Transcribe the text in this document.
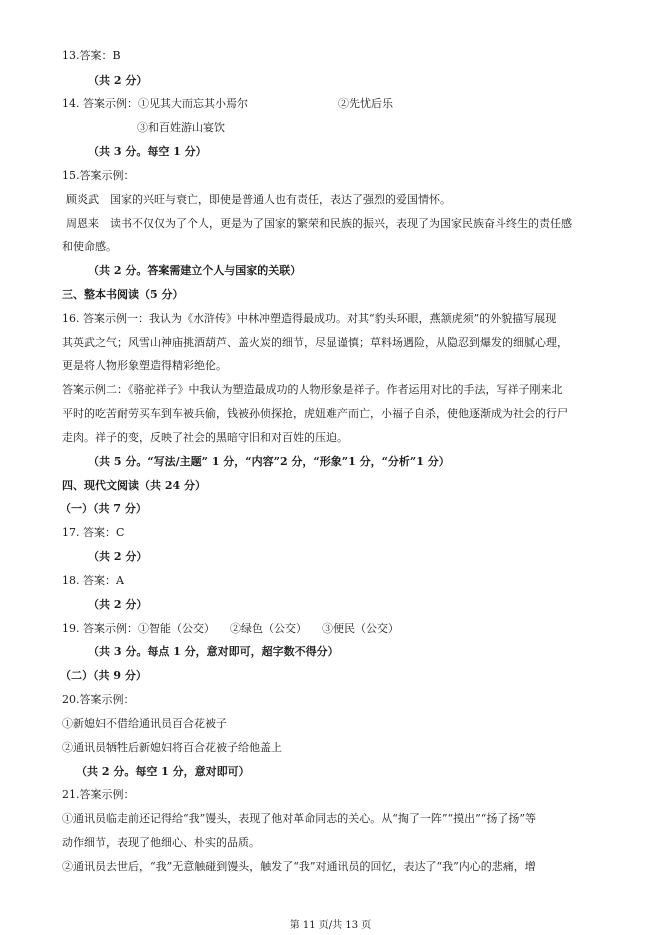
13.答案：B
（共 2 分）
14. 答案示例：①见其大而忘其小焉尔	②先忧后乐
③和百姓游山宴饮
（共 3 分。每空 1 分）
15.答案示例：
顾炎武　国家的兴旺与衰亡，即使是普通人也有责任，表达了强烈的爱国情怀。
周恩来　读书不仅仅为了个人，更是为了国家的繁荣和民族的振兴，表现了为国家民族奋斗终生的责任感
和使命感。
（共 2 分。答案需建立个人与国家的关联）
三、整本书阅读（5 分）
16. 答案示例一：我认为《水浒传》中林冲塑造得最成功。对其“豹头环眼，燕颔虎须”的外貌描写展现
其英武之气；风雪山神庙挑酒葫芦、盖火炭的细节，尽显谨慎；草料场遇险，从隐忍到爆发的细腻心理，
更是将人物形象塑造得精彩绝伦。
答案示例二：《骆驼祥子》中我认为塑造最成功的人物形象是祥子。作者运用对比的手法，写祥子刚来北
平时的吃苦耐劳买车到车被兵偷，钱被孙侦探抢，虎妞难产而亡，小福子自杀，使他逐渐成为社会的行尸
走肉。祥子的变，反映了社会的黑暗守旧和对百姓的压迫。
（共 5 分。“写法/主题” 1 分，“内容”2 分，“形象”1 分，“分析”1 分）
四、现代文阅读（共 24 分）
（一）（共 7 分）
17. 答案：C
（共 2 分）
18. 答案：A
（共 2 分）
19. 答案示例：①智能（公交） ②绿色（公交） ③便民（公交）
（共 3 分。每点 1 分，意对即可，超字数不得分）
（二）（共 9 分）
20.答案示例：
①新媳妇不借给通讯员百合花被子
②通讯员牺牲后新媳妇将百合花被子给他盖上
（共 2 分。每空 1 分，意对即可）
21.答案示例：
①通讯员临走前还记得给“我”馒头，表现了他对革命同志的关心。从“掏了一阵”“摸出”“扬了扬”等
动作细节，表现了他细心、朴实的品质。
②通讯员去世后，“我”无意触碰到馒头，触发了“我”对通讯员的回忆，表达了“我”内心的悲痛，增
第 11 页/共 13 页
